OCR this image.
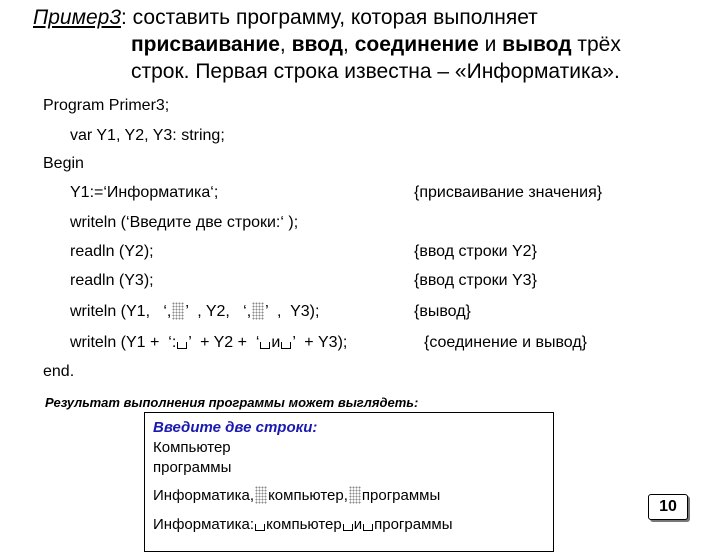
Пример3: составить программу, которая выполняет
присваивание, ввод, соединение и вывод трёх
строк. Первая строка известна – «Информатика».
Program Primer3;
var Y1, Y2, Y3: string;
Begin
Y1:=‘Информатика‘;
writeln (‘Введите две строки:‘ );
readln (Y2);
readln (Y3);
writeln (Y1,   ‘, ’  , Y2,   ‘, ’  ,  Y3);
writeln (Y1 +  ‘: ’  + Y2 +  ‘ и ’  + Y3);
end.
{присваивание значения}
{ввод строки Y2}
{ввод строки Y3}
{вывод}
{соединение и вывод}
Результат выполнения программы может выглядеть:
Введите две строки:
Компьютер
программы
Информатика, компьютер, программы
Информатика: компьютер и программы
10
